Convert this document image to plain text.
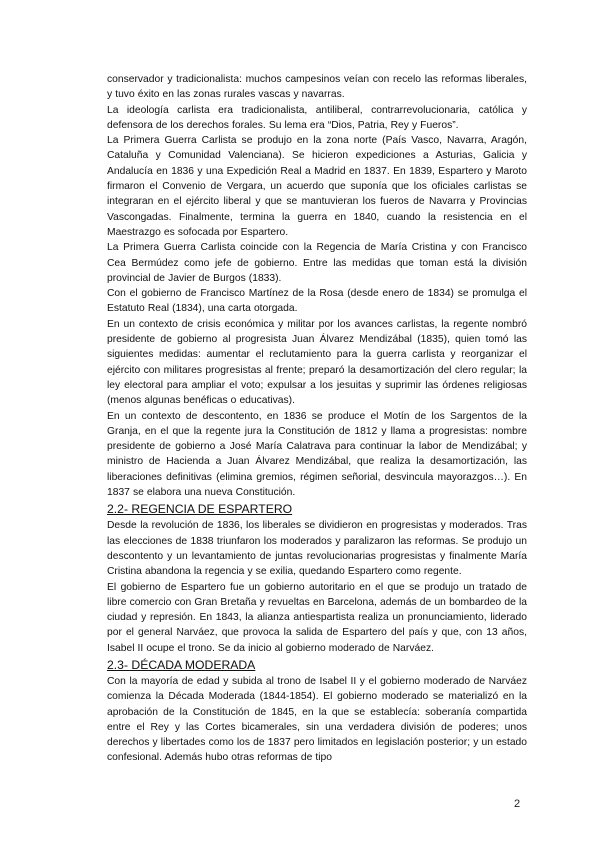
conservador y tradicionalista: muchos campesinos veían con recelo las reformas liberales, y tuvo éxito en las zonas rurales vascas y navarras.

La ideología carlista era tradicionalista, antiliberal, contrarrevolucionaria, católica y defensora de los derechos forales. Su lema era “Dios, Patria, Rey y Fueros”.

La Primera Guerra Carlista se produjo en la zona norte (País Vasco, Navarra, Aragón, Cataluña y Comunidad Valenciana). Se hicieron expediciones a Asturias, Galicia y Andalucía en 1836 y una Expedición Real a Madrid en 1837. En 1839, Espartero y Maroto firmaron el Convenio de Vergara, un acuerdo que suponía que los oficiales carlistas se integraran en el ejército liberal y que se mantuvieran los fueros de Navarra y Provincias Vascongadas. Finalmente, termina la guerra en 1840, cuando la resistencia en el Maestrazgo es sofocada por Espartero.

La Primera Guerra Carlista coincide con la Regencia de María Cristina y con Francisco Cea Bermúdez como jefe de gobierno. Entre las medidas que toman está la división provincial de Javier de Burgos (1833).

Con el gobierno de Francisco Martínez de la Rosa (desde enero de 1834) se promulga el Estatuto Real (1834), una carta otorgada.

En un contexto de crisis económica y militar por los avances carlistas, la regente nombró presidente de gobierno al progresista Juan Álvarez Mendizábal (1835), quien tomó las siguientes medidas: aumentar el reclutamiento para la guerra carlista y reorganizar el ejército con militares progresistas al frente; preparó la desamortización del clero regular; la ley electoral para ampliar el voto; expulsar a los jesuitas y suprimir las órdenes religiosas (menos algunas benéficas o educativas).

En un contexto de descontento, en 1836 se produce el Motín de los Sargentos de la Granja, en el que la regente jura la Constitución de 1812 y llama a progresistas: nombre presidente de gobierno a José María Calatrava para continuar la labor de Mendizábal; y ministro de Hacienda a Juan Álvarez Mendizábal, que realiza la desamortización, las liberaciones definitivas (elimina gremios, régimen señorial, desvincula mayorazgos…). En 1837 se elabora una nueva Constitución.

2.2- REGENCIA DE ESPARTERO

Desde la revolución de 1836, los liberales se dividieron en progresistas y moderados. Tras las elecciones de 1838 triunfaron los moderados y paralizaron las reformas. Se produjo un descontento y un levantamiento de juntas revolucionarias progresistas y finalmente María Cristina abandona la regencia y se exilia, quedando Espartero como regente.

El gobierno de Espartero fue un gobierno autoritario en el que se produjo un tratado de libre comercio con Gran Bretaña y revueltas en Barcelona, además de un bombardeo de la ciudad y represión. En 1843, la alianza antiespartista realiza un pronunciamiento, liderado por el general Narváez, que provoca la salida de Espartero del país y que, con 13 años, Isabel II ocupe el trono. Se da inicio al gobierno moderado de Narváez.

2.3- DÉCADA MODERADA

Con la mayoría de edad y subida al trono de Isabel II y el gobierno moderado de Narváez comienza la Década Moderada (1844-1854). El gobierno moderado se materializó en la aprobación de la Constitución de 1845, en la que se establecía: soberanía compartida entre el Rey y las Cortes bicamerales, sin una verdadera división de poderes; unos derechos y libertades como los de 1837 pero limitados en legislación posterior; y un estado confesional. Además hubo otras reformas de tipo

2
